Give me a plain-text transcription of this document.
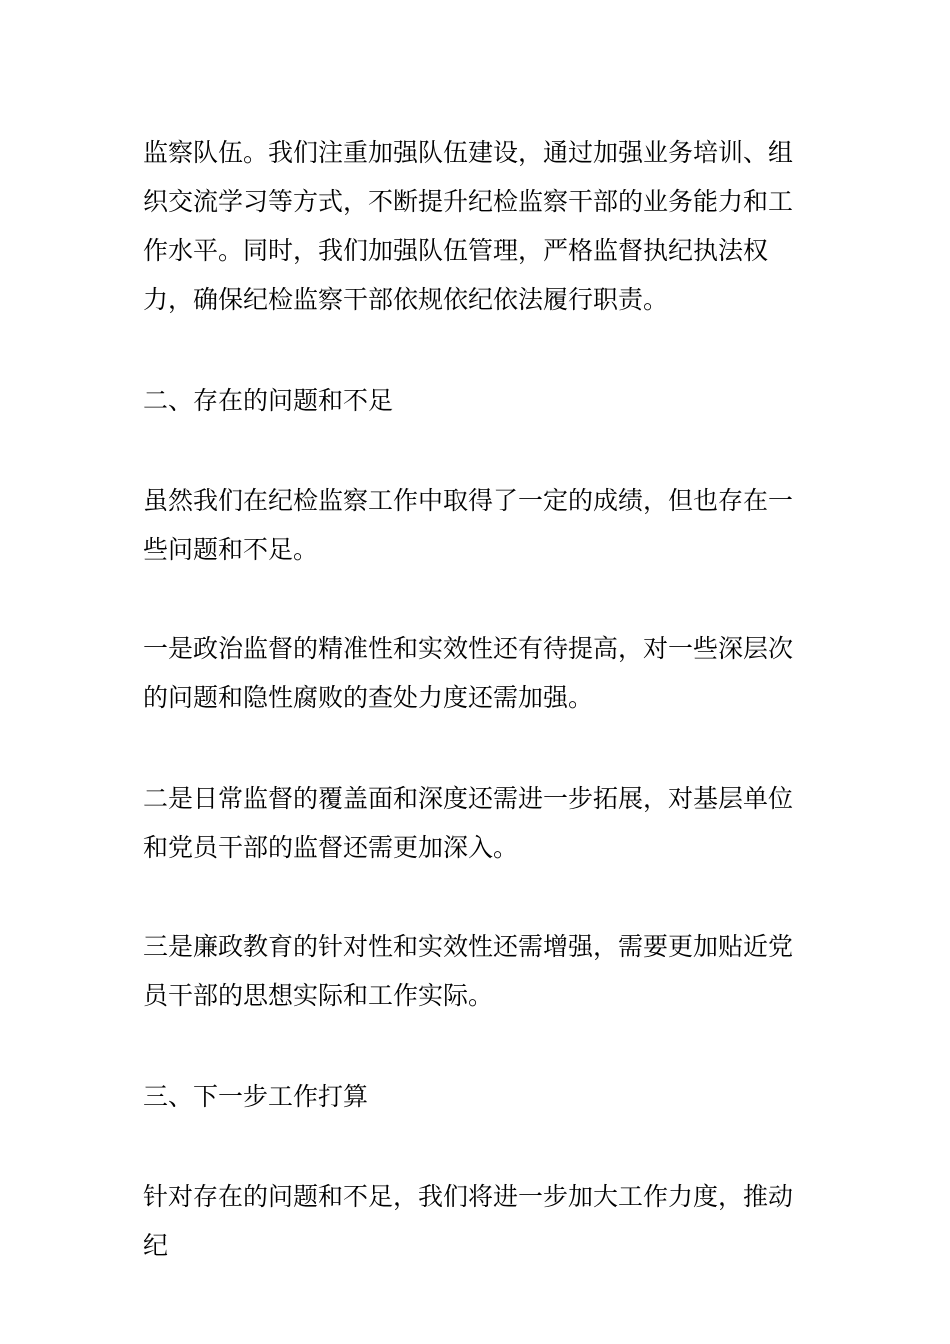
监察队伍。我们注重加强队伍建设，通过加强业务培训、组织交流学习等方式，不断提升纪检监察干部的业务能力和工作水平。同时，我们加强队伍管理，严格监督执纪执法权力，确保纪检监察干部依规依纪依法履行职责。

二、存在的问题和不足

虽然我们在纪检监察工作中取得了一定的成绩，但也存在一些问题和不足。

一是政治监督的精准性和实效性还有待提高，对一些深层次的问题和隐性腐败的查处力度还需加强。

二是日常监督的覆盖面和深度还需进一步拓展，对基层单位和党员干部的监督还需更加深入。

三是廉政教育的针对性和实效性还需增强，需要更加贴近党员干部的思想实际和工作实际。

三、下一步工作打算

针对存在的问题和不足，我们将进一步加大工作力度，推动纪
